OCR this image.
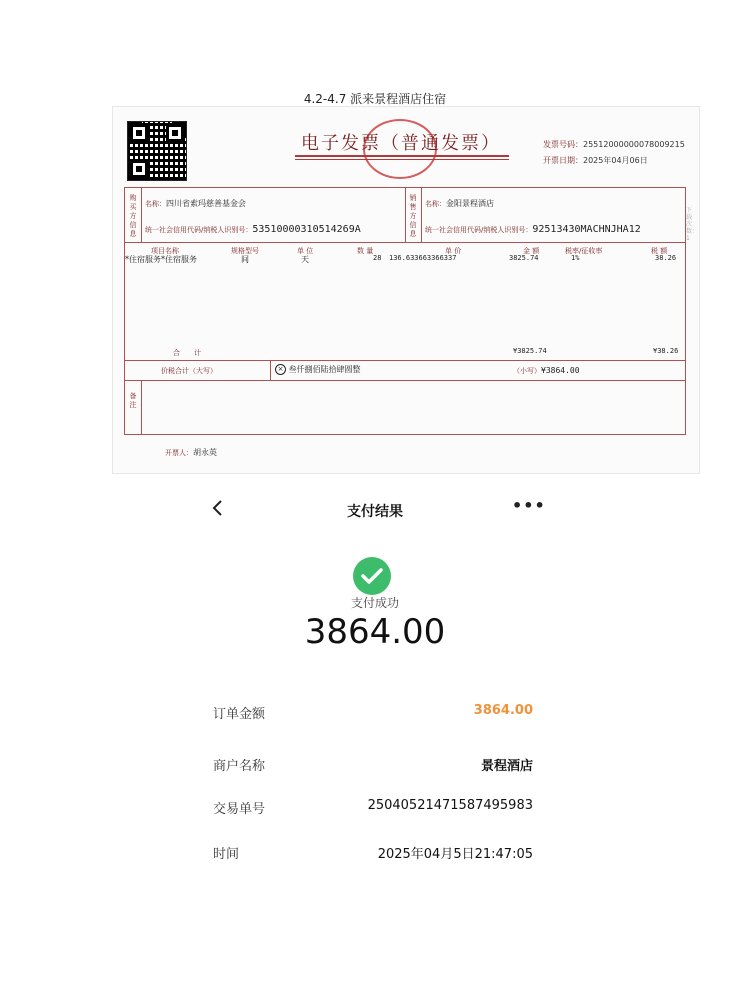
4.2-4.7 派来景程酒店住宿
电子发票（普通发票）	发票号码：25512000000078009215
开票日期：2025年04月06日
购买方信息
名称：四川省索玛慈善基金会
统一社会信用代码/纳税人识别号：53510000310514269A
销售方信息
名称：金阳景程酒店
统一社会信用代码/纳税人识别号：92513430MACHNJHA12
项目名称	规格型号	单 位	数 量	单 价	金 额	税率/征收率	税 额
*住宿服务*住宿服务	间	天	28 136.633663366337	3825.74	1%	38.26
合　　计	¥3825.74	¥38.26
价税合计（大写）	× 叁仟捌佰陆拾肆圆整	（小写）¥3864.00
备注
下载次数：1
开票人：胡永英
支付结果	•••
支付成功
3864.00
订单金额	3864.00
商户名称	景程酒店
交易单号	25040521471587495983
时间	2025年04月5日21:47:05
